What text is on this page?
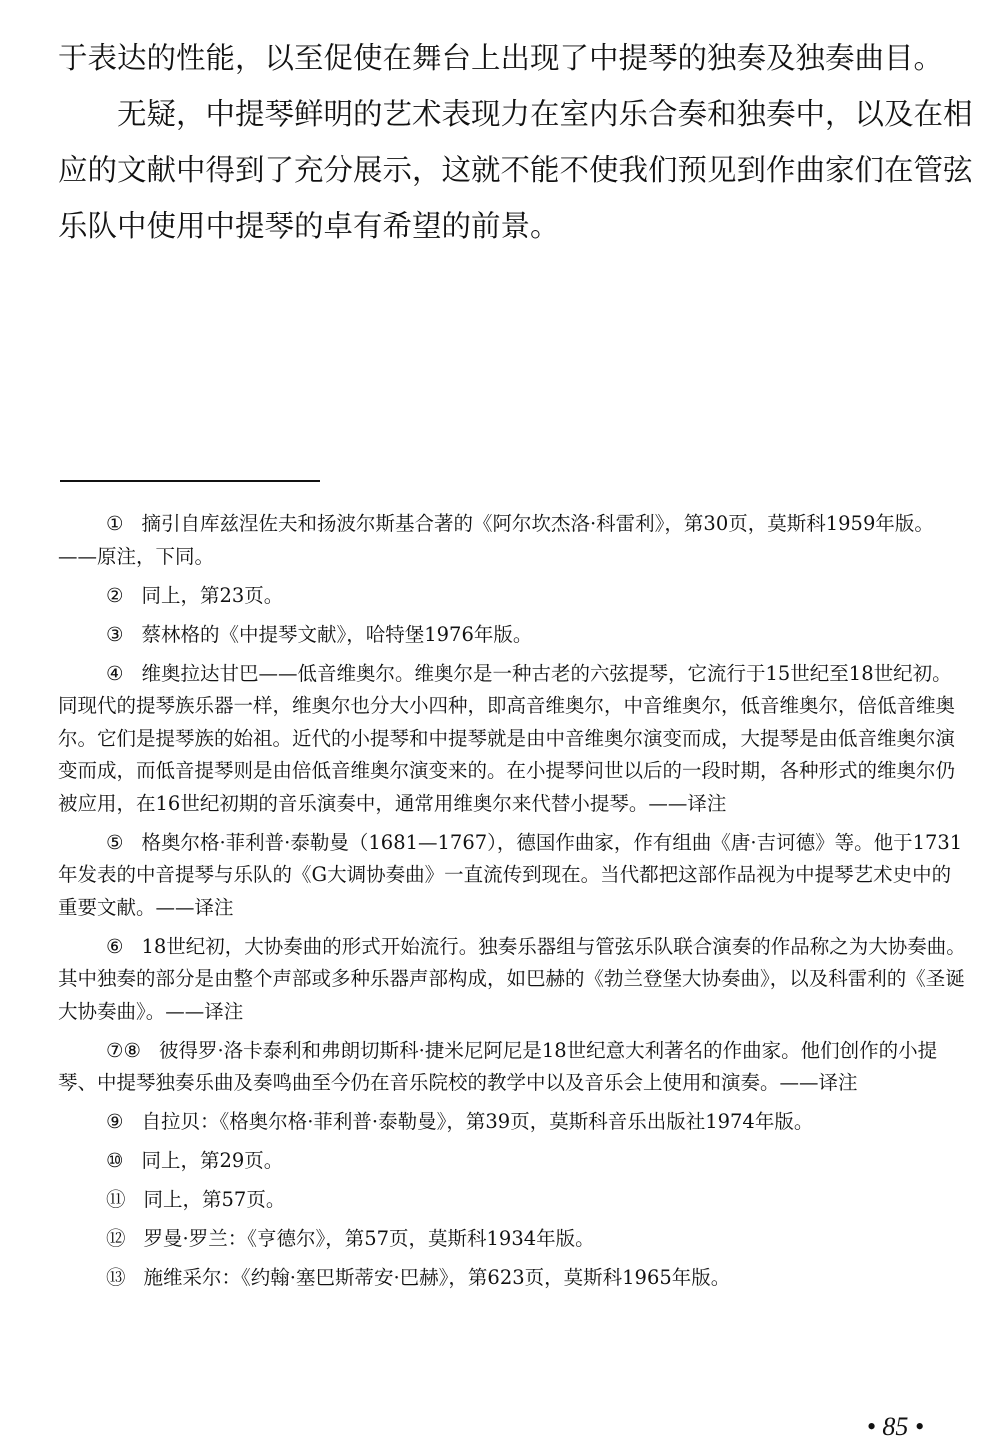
于表达的性能，以至促使在舞台上出现了中提琴的独奏及独奏曲目。

无疑，中提琴鲜明的艺术表现力在室内乐合奏和独奏中，以及在相应的文献中得到了充分展示，这就不能不使我们预见到作曲家们在管弦乐队中使用中提琴的卓有希望的前景。

① 摘引自库兹涅佐夫和扬波尔斯基合著的《阿尔坎杰洛·科雷利》，第30页，莫斯科1959年版。——原注，下同。

② 同上，第23页。

③ 蔡林格的《中提琴文献》，哈特堡1976年版。

④ 维奥拉达甘巴——低音维奥尔。维奥尔是一种古老的六弦提琴，它流行于15世纪至18世纪初。同现代的提琴族乐器一样，维奥尔也分大小四种，即高音维奥尔，中音维奥尔，低音维奥尔，倍低音维奥尔。它们是提琴族的始祖。近代的小提琴和中提琴就是由中音维奥尔演变而成，大提琴是由低音维奥尔演变而成，而低音提琴则是由倍低音维奥尔演变来的。在小提琴问世以后的一段时期，各种形式的维奥尔仍被应用，在16世纪初期的音乐演奏中，通常用维奥尔来代替小提琴。——译注

⑤ 格奥尔格·菲利普·泰勒曼（1681—1767），德国作曲家，作有组曲《唐·吉诃德》等。他于1731年发表的中音提琴与乐队的《G大调协奏曲》一直流传到现在。当代都把这部作品视为中提琴艺术史中的重要文献。——译注

⑥ 18世纪初，大协奏曲的形式开始流行。独奏乐器组与管弦乐队联合演奏的作品称之为大协奏曲。其中独奏的部分是由整个声部或多种乐器声部构成，如巴赫的《勃兰登堡大协奏曲》，以及科雷利的《圣诞大协奏曲》。——译注

⑦⑧ 彼得罗·洛卡泰利和弗朗切斯科·捷米尼阿尼是18世纪意大利著名的作曲家。他们创作的小提琴、中提琴独奏乐曲及奏鸣曲至今仍在音乐院校的教学中以及音乐会上使用和演奏。——译注

⑨ 自拉贝：《格奥尔格·菲利普·泰勒曼》，第39页，莫斯科音乐出版社1974年版。

⑩ 同上，第29页。

⑪ 同上，第57页。

⑫ 罗曼·罗兰：《亨德尔》，第57页，莫斯科1934年版。

⑬ 施维采尔：《约翰·塞巴斯蒂安·巴赫》，第623页，莫斯科1965年版。

• 85 •
